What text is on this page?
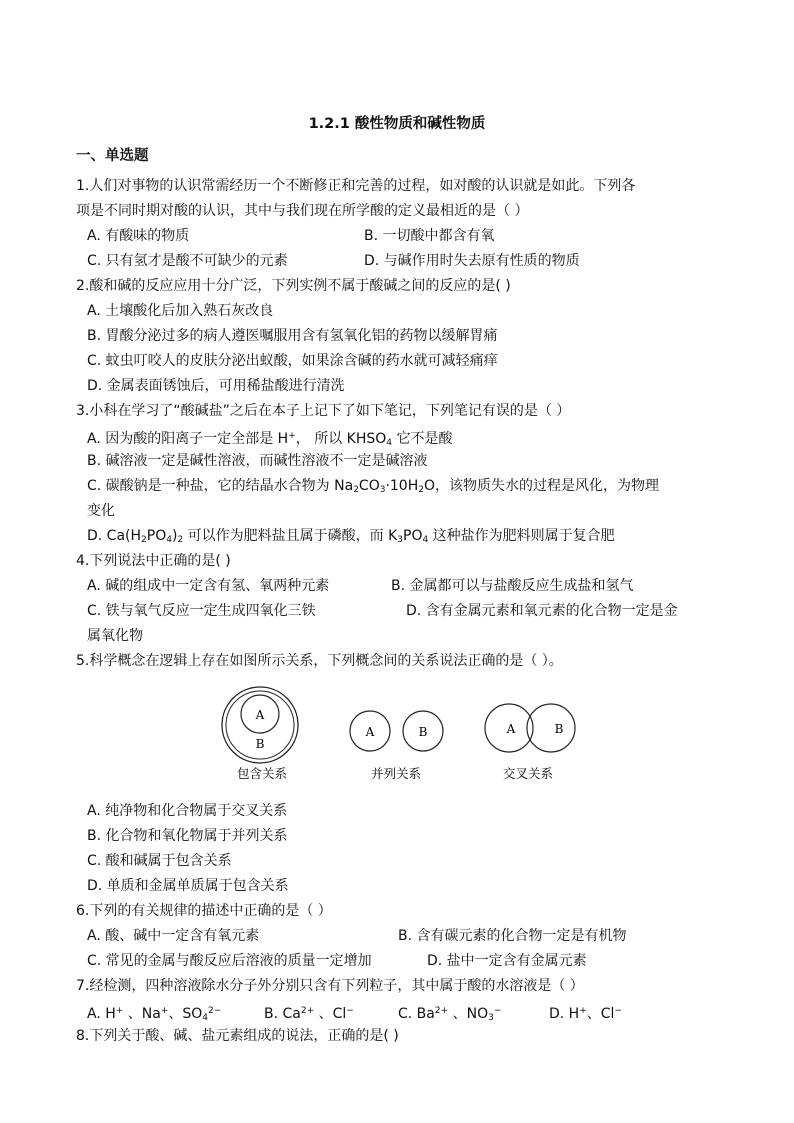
1.2.1 酸性物质和碱性物质
一、单选题
1.人们对事物的认识常需经历一个不断修正和完善的过程，如对酸的认识就是如此。下列各
项是不同时期对酸的认识，其中与我们现在所学酸的定义最相近的是（ ）
A. 有酸味的物质	B. 一切酸中都含有氧
C. 只有氢才是酸不可缺少的元素	D. 与碱作用时失去原有性质的物质
2.酸和碱的反应应用十分广泛，下列实例不属于酸碱之间的反应的是( )
A. 土壤酸化后加入熟石灰改良
B. 胃酸分泌过多的病人遵医嘱服用含有氢氧化铝的药物以缓解胃痛
C. 蚊虫叮咬人的皮肤分泌出蚁酸，如果涂含碱的药水就可减轻痛痒
D. 金属表面锈蚀后，可用稀盐酸进行清洗
3.小科在学习了“酸碱盐”之后在本子上记下了如下笔记，下列笔记有误的是（ ）
A. 因为酸的阳离子一定全部是 H+， 所以 $KHSO_4$ 它不是酸
B. 碱溶液一定是碱性溶液，而碱性溶液不一定是碱溶液
C. 碳酸钠是一种盐，它的结晶水合物为 $Na_2CO_3\cdot 10H_2O$，该物质失水的过程是风化，为物理
变化
D. $Ca(H_2PO_4)_2$ 可以作为肥料盐且属于磷酸，而 $K_3PO_4$ 这种盐作为肥料则属于复合肥
4.下列说法中正确的是( )
A. 碱的组成中一定含有氢、氧两种元素	B. 金属都可以与盐酸反应生成盐和氢气
C. 铁与氧气反应一定生成四氧化三铁	D. 含有金属元素和氧元素的化合物一定是金
属氧化物
5.科学概念在逻辑上存在如图所示关系，下列概念间的关系说法正确的是（ ）。
A
B
包含关系
A	B
并列关系
A	B
交叉关系
A. 纯净物和化合物属于交叉关系
B. 化合物和氧化物属于并列关系
C. 酸和碱属于包含关系
D. 单质和金属单质属于包含关系
6.下列的有关规律的描述中正确的是（ ）
A. 酸、碱中一定含有氧元素	B. 含有碳元素的化合物一定是有机物
C. 常见的金属与酸反应后溶液的质量一定增加	D. 盐中一定含有金属元素
7.经检测，四种溶液除水分子外分别只含有下列粒子，其中属于酸的水溶液是（ ）
A. H+ 、Na+、$SO_4^{2-}$	B. $Ca^{2+}$ 、Cl−	C. $Ba^{2+}$ 、$NO_3^-$	D. H+、Cl−
8.下列关于酸、碱、盐元素组成的说法，正确的是( )
